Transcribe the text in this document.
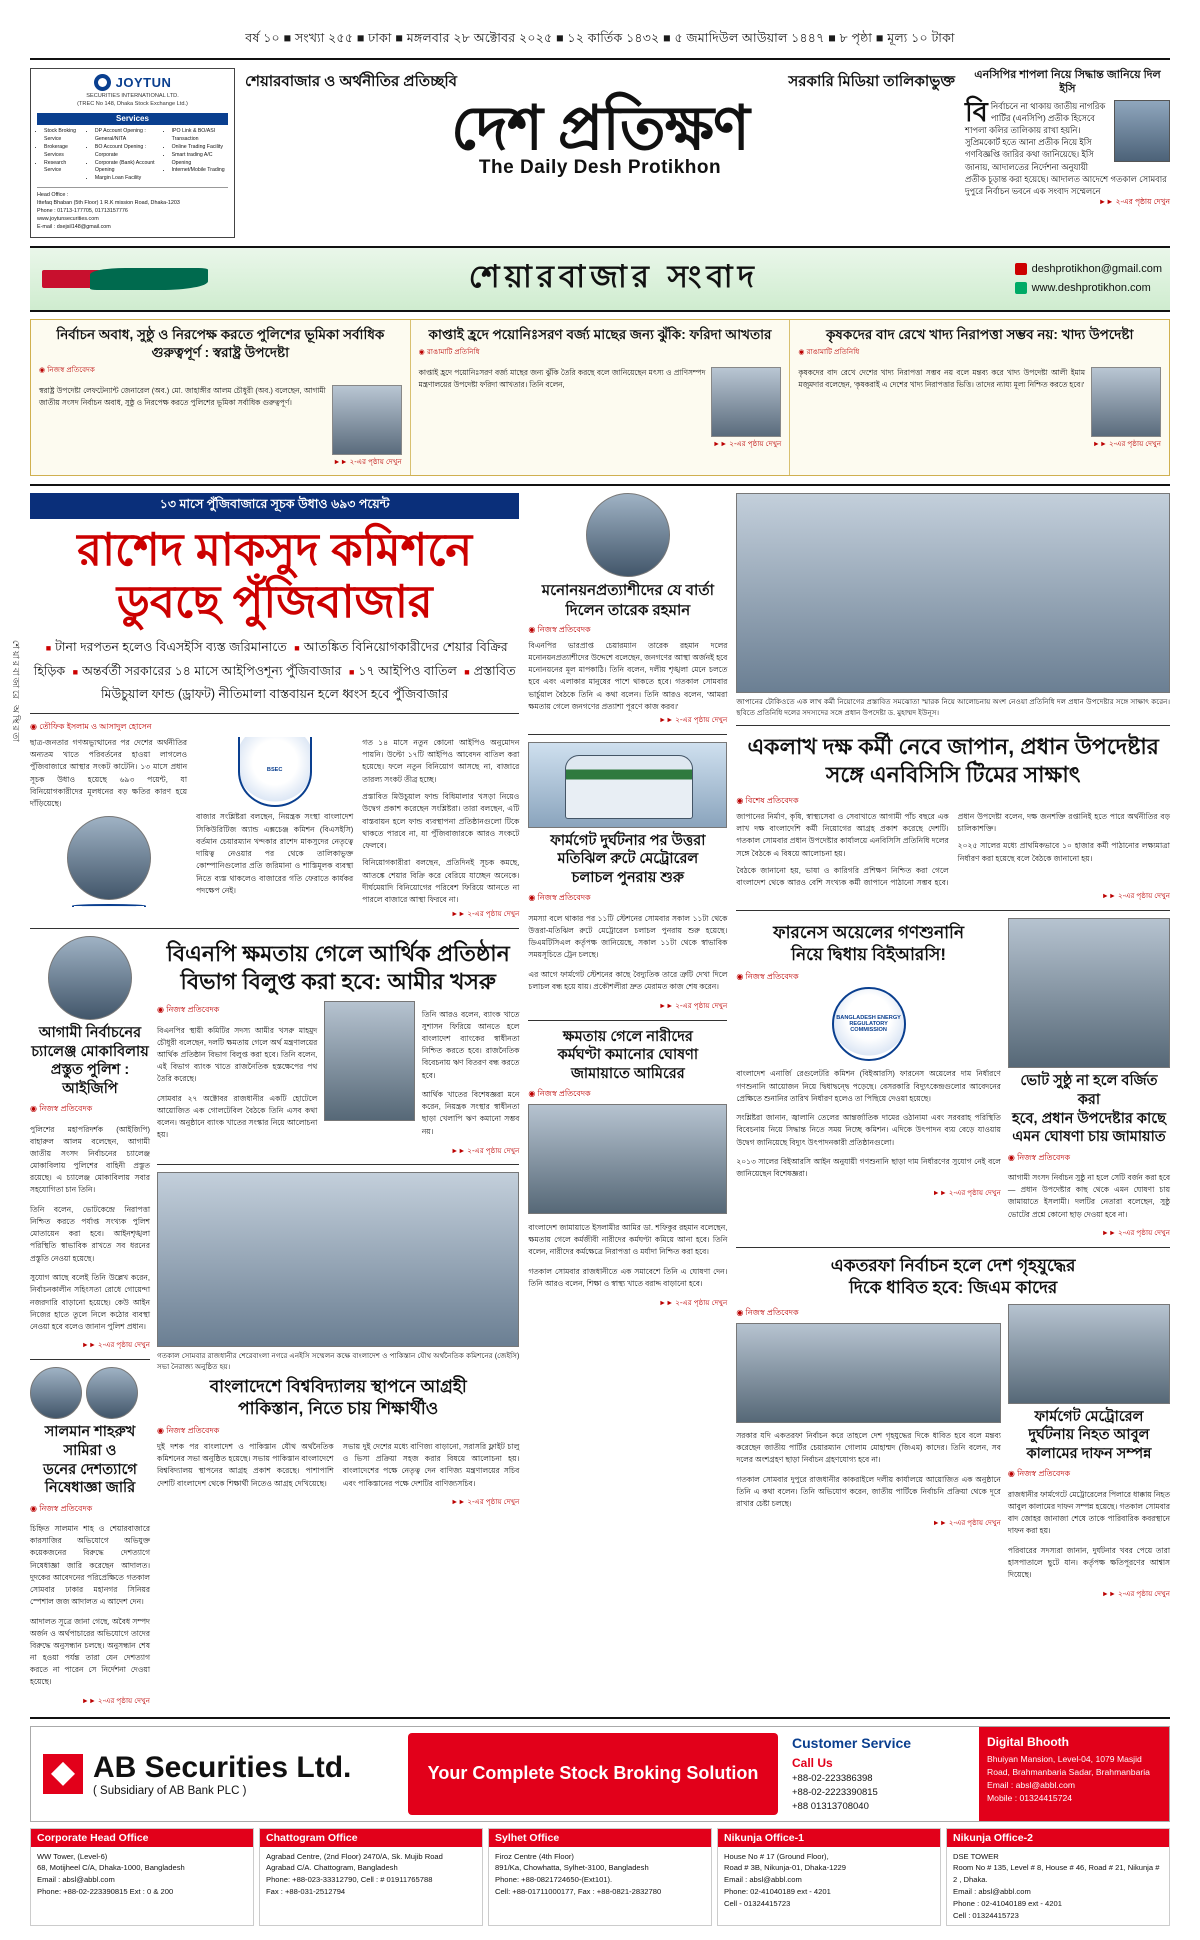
শেয়ারবাজারে অস্থিরতা
বর্ষ ১০ ■ সংখ্যা ২৫৫ ■ ঢাকা ■ মঙ্গলবার ২৮ অক্টোবর ২০২৫ ■ ১২ কার্তিক ১৪৩২ ■ ৫ জমাদিউল আউয়াল ১৪৪৭ ■ ৮ পৃষ্ঠা ■ মূল্য ১০ টাকা
JOYTUN
SECURITIES INTERNATIONAL LTD.
(TREC No 148, Dhaka Stock Exchange Ltd.)
Services
• Stock Broking Service
• Brokerage Services
• Research Service
• DP Account Opening : General/NITA
• BO Account Opening : Corporate
• Corporate (Bank) Account Opening
• Margin Loan Facility
• IPO Link & BO/ASI Transaction
• Online Trading Facility
• Smart trading A/C Opening
• Internet/Mobile Trading
Head Office :
Ittefaq Bhaban (5th Floor) 1 R.K mission Road, Dhaka-1203
Phone : 01713-177705, 01713157776
www.joytunsecurities.com
E-mail : dsejsil148@gmail.com
শেয়ারবাজার ও অর্থনীতির প্রতিচ্ছবি	সরকারি মিডিয়া তালিকাভুক্ত
দেশ প্রতিক্ষণ
The Daily Desh Protikhon
এনসিপির শাপলা নিয়ে সিদ্ধান্ত জানিয়ে দিল ইসি
বি নির্বাচনে না থাকায় জাতীয় নাগরিক পার্টির (এনসিপি) প্রতীক হিসেবে শাপলা কলির তালিকায় রাখা হয়নি। সুপ্রিমকোর্ট হতে আনা প্রতীক নিয়ে ইসি গণবিজ্ঞপ্তি জারির কথা জানিয়েছে। ইসি জানায়, আদালতের নির্দেশনা অনুযায়ী প্রতীক চূড়ান্ত করা হয়েছে। আদালত আদেশে গতকাল সোমবার দুপুরে নির্বাচন ভবনে এক সংবাদ সম্মেলনে
►► ২-এর পৃষ্ঠায় দেখুন
শেয়ারবাজার সংবাদ	deshprotikhon@gmail.com
www.deshprotikhon.com
নির্বাচন অবাধ, সুষ্ঠু ও নিরপেক্ষ করতে পুলিশের ভূমিকা সর্বাধিক গুরুত্বপূর্ণ : স্বরাষ্ট্র উপদেষ্টা
◉ নিজস্ব প্রতিবেদক
স্বরাষ্ট্র উপদেষ্টা লেফটেন্যান্ট জেনারেল (অব.) মো. জাহাঙ্গীর আলম চৌধুরী (অব.) বলেছেন, আগামী জাতীয় সংসদ নির্বাচন অবাধ, সুষ্ঠু ও নিরপেক্ষ করতে পুলিশের ভূমিকা সর্বাধিক গুরুত্বপূর্ণ।
►► ২-এর পৃষ্ঠায় দেখুন
কাপ্তাই হ্রদে পয়োনিঃসরণ বর্জ্য মাছের জন্য ঝুঁকি: ফরিদা আখতার
◉ রাঙামাটি প্রতিনিধি
কাপ্তাই হ্রদে পয়োনিঃসরণ বর্জ্য মাছের জন্য ঝুঁকি তৈরি করছে বলে জানিয়েছেন মৎস্য ও প্রাণিসম্পদ মন্ত্রণালয়ের উপদেষ্টা ফরিদা আখতার। তিনি বলেন,
►► ২-এর পৃষ্ঠায় দেখুন
কৃষকদের বাদ রেখে খাদ্য নিরাপত্তা সম্ভব নয়: খাদ্য উপদেষ্টা
◉ রাঙামাটি প্রতিনিধি
কৃষকদের বাদ রেখে দেশের খাদ্য নিরাপত্তা সম্ভব নয় বলে মন্তব্য করে খাদ্য উপদেষ্টা আলী ইমাম মজুমদার বলেছেন, 'কৃষকরাই এ দেশের খাদ্য নিরাপত্তার ভিত্তি। তাদের ন্যায্য মূল্য নিশ্চিত করতে হবে।'
►► ২-এর পৃষ্ঠায় দেখুন
১৩ মাসে পুঁজিবাজারে সূচক উধাও ৬৯৩ পয়েন্ট
রাশেদ মাকসুদ কমিশনে
ডুবছে পুঁজিবাজার
■ টানা দরপতন হলেও বিএসইসি ব্যস্ত জরিমানাতে ■ আতঙ্কিত বিনিয়োগকারীদের শেয়ার বিক্রির হিড়িক ■ অন্তর্বর্তী সরকারের ১৪ মাসে আইপিওশূন্য পুঁজিবাজার ■ ১৭ আইপিও বাতিল ■ প্রস্তাবিত মিউচুয়াল ফান্ড (ড্রাফট) নীতিমালা বাস্তবায়ন হলে ধ্বংস হবে পুঁজিবাজার
◉ তৌফিক ইসলাম ও আসাদুল হোসেন

ছাত্র-জনতার গণঅভ্যুত্থানের পর দেশের অর্থনীতির অন্যতম খাতে পরিবর্তনের হাওয়া লাগলেও পুঁজিবাজারে আস্থার সংকট কাটেনি। ১৩ মাসে প্রধান সূচক উধাও হয়েছে ৬৯৩ পয়েন্ট, যা বিনিয়োগকারীদের মূলধনের বড় ক্ষতির কারণ হয়ে দাঁড়িয়েছে।

BSEC

বাজার সংশ্লিষ্টরা বলছেন, নিয়ন্ত্রক সংস্থা বাংলাদেশ সিকিউরিটিজ অ্যান্ড এক্সচেঞ্জ কমিশন (বিএসইসি) বর্তমান চেয়ারম্যান খন্দকার রাশেদ মাকসুদের নেতৃত্বে দায়িত্ব নেওয়ার পর থেকে তালিকাভুক্ত কোম্পানিগুলোর প্রতি জরিমানা ও শাস্তিমূলক ব্যবস্থা নিতে ব্যস্ত থাকলেও বাজারের গতি ফেরাতে কার্যকর পদক্ষেপ নেই।

গত ১৪ মাসে নতুন কোনো আইপিও অনুমোদন পায়নি। উল্টো ১৭টি আইপিও আবেদন বাতিল করা হয়েছে। ফলে নতুন বিনিয়োগ আসছে না, বাজারে তারল্য সংকট তীব্র হচ্ছে।

প্রস্তাবিত মিউচুয়াল ফান্ড বিধিমালার খসড়া নিয়েও উদ্বেগ প্রকাশ করেছেন সংশ্লিষ্টরা। তারা বলছেন, এটি বাস্তবায়ন হলে ফান্ড ব্যবস্থাপনা প্রতিষ্ঠানগুলো টিকে থাকতে পারবে না, যা পুঁজিবাজারকে আরও সংকটে ফেলবে।

বিনিয়োগকারীরা বলছেন, প্রতিদিনই সূচক কমছে, আতঙ্কে শেয়ার বিক্রি করে বেরিয়ে যাচ্ছেন অনেকে। দীর্ঘমেয়াদি বিনিয়োগের পরিবেশ ফিরিয়ে আনতে না পারলে বাজারে আস্থা ফিরবে না।

►► ২-এর পৃষ্ঠায় দেখুন
আগামী নির্বাচনের
চ্যালেঞ্জ মোকাবিলায়
প্রস্তুত পুলিশ : আইজিপি
◉ নিজস্ব প্রতিবেদক

পুলিশের মহাপরিদর্শক (আইজিপি) বাহারুল আলম বলেছেন, আগামী জাতীয় সংসদ নির্বাচনের চ্যালেঞ্জ মোকাবিলায় পুলিশের বাহিনী প্রস্তুত রয়েছে। এ চ্যালেঞ্জ মোকাবিলায় সবার সহযোগিতা চান তিনি।

তিনি বলেন, ভোটকেন্দ্রে নিরাপত্তা নিশ্চিত করতে পর্যাপ্ত সংখ্যক পুলিশ মোতায়েন করা হবে। আইনশৃঙ্খলা পরিস্থিতি স্বাভাবিক রাখতে সব ধরনের প্রস্তুতি নেওয়া হয়েছে।

সুযোগ আছে বলেই তিনি উল্লেখ করেন, নির্বাচনকালীন সহিংসতা রোধে গোয়েন্দা নজরদারি বাড়ানো হয়েছে। কেউ আইন নিজের হাতে তুলে নিলে কঠোর ব্যবস্থা নেওয়া হবে বলেও জানান পুলিশ প্রধান।

►► ২-এর পৃষ্ঠায় দেখুন
সালমান শাহরুখ সামিরা ও
ডনের দেশত্যাগে
নিষেধাজ্ঞা জারি
◉ নিজস্ব প্রতিবেদক

চিহ্নিত সালমান শাহ ও শেয়ারবাজারে কারসাজির অভিযোগে অভিযুক্ত কয়েকজনের বিরুদ্ধে দেশত্যাগে নিষেধাজ্ঞা জারি করেছেন আদালত। দুদকের আবেদনের পরিপ্রেক্ষিতে গতকাল সোমবার ঢাকার মহানগর সিনিয়র স্পেশাল জজ আদালত এ আদেশ দেন।

আদালত সূত্রে জানা গেছে, অবৈধ সম্পদ অর্জন ও অর্থপাচারের অভিযোগে তাদের বিরুদ্ধে অনুসন্ধান চলছে। অনুসন্ধান শেষ না হওয়া পর্যন্ত তারা যেন দেশত্যাগ করতে না পারেন সে নির্দেশনা দেওয়া হয়েছে।

►► ২-এর পৃষ্ঠায় দেখুন
বিএনপি ক্ষমতায় গেলে আর্থিক প্রতিষ্ঠান বিভাগ বিলুপ্ত করা হবে: আমীর খসরু
◉ নিজস্ব প্রতিবেদক

বিএনপির স্থায়ী কমিটির সদস্য আমীর খসরু মাহমুদ চৌধুরী বলেছেন, দলটি ক্ষমতায় গেলে অর্থ মন্ত্রণালয়ের আর্থিক প্রতিষ্ঠান বিভাগ বিলুপ্ত করা হবে। তিনি বলেন, এই বিভাগ ব্যাংক খাতে রাজনৈতিক হস্তক্ষেপের পথ তৈরি করেছে।

সোমবার ২৭ অক্টোবর রাজধানীর একটি হোটেলে আয়োজিত এক গোলটেবিল বৈঠকে তিনি এসব কথা বলেন। অনুষ্ঠানে ব্যাংক খাতের সংস্কার নিয়ে আলোচনা হয়।

তিনি আরও বলেন, ব্যাংক খাতে সুশাসন ফিরিয়ে আনতে হলে বাংলাদেশ ব্যাংকের স্বাধীনতা নিশ্চিত করতে হবে। রাজনৈতিক বিবেচনায় ঋণ বিতরণ বন্ধ করতে হবে।

আর্থিক খাতের বিশেষজ্ঞরা মনে করেন, নিয়ন্ত্রক সংস্থার স্বাধীনতা ছাড়া খেলাপি ঋণ কমানো সম্ভব নয়।

►► ২-এর পৃষ্ঠায় দেখুন
গতকাল সোমবার রাজধানীর শেরেবাংলা নগরে এনইসি সম্মেলন কক্ষে বাংলাদেশ ও পাকিস্তান যৌথ অর্থনৈতিক কমিশনের (জেইসি) সভা নৈরাজ্য অনুষ্ঠিত হয়।
বাংলাদেশে বিশ্ববিদ্যালয় স্থাপনে আগ্রহী
পাকিস্তান, নিতে চায় শিক্ষার্থীও
◉ নিজস্ব প্রতিবেদক

দুই দশক পর বাংলাদেশ ও পাকিস্তান যৌথ অর্থনৈতিক কমিশনের সভা অনুষ্ঠিত হয়েছে। সভায় পাকিস্তান বাংলাদেশে বিশ্ববিদ্যালয় স্থাপনের আগ্রহ প্রকাশ করেছে। পাশাপাশি দেশটি বাংলাদেশ থেকে শিক্ষার্থী নিতেও আগ্রহ দেখিয়েছে।

সভায় দুই দেশের মধ্যে বাণিজ্য বাড়ানো, সরাসরি ফ্লাইট চালু ও ভিসা প্রক্রিয়া সহজ করার বিষয়ে আলোচনা হয়। বাংলাদেশের পক্ষে নেতৃত্ব দেন বাণিজ্য মন্ত্রণালয়ের সচিব এবং পাকিস্তানের পক্ষে দেশটির বাণিজ্যসচিব।

►► ২-এর পৃষ্ঠায় দেখুন
মনোনয়নপ্রত্যাশীদের যে বার্তা দিলেন তারেক রহমান
◉ নিজস্ব প্রতিবেদক
বিএনপির ভারপ্রাপ্ত চেয়ারম্যান তারেক রহমান দলের মনোনয়নপ্রত্যাশীদের উদ্দেশে বলেছেন, জনগণের আস্থা অর্জনই হবে মনোনয়নের মূল মাপকাঠি। তিনি বলেন, দলীয় শৃঙ্খলা মেনে চলতে হবে এবং এলাকার মানুষের পাশে থাকতে হবে। গতকাল সোমবার ভার্চুয়াল বৈঠকে তিনি এ কথা বলেন। তিনি আরও বলেন, 'আমরা ক্ষমতায় গেলে জনগণের প্রত্যাশা পূরণে কাজ করব।'
►► ২-এর পৃষ্ঠায় দেখুন
ফার্মগেট দুর্ঘটনার পর উত্তরা
মতিঝিল রুটে মেট্রোরেল
চলাচল পুনরায় শুরু
◉ নিজস্ব প্রতিবেদক

সমস্যা বলে থাকার পর ১১টি স্টেশনের সোমবার সকাল ১১টা থেকে উত্তরা-মতিঝিল রুটে মেট্রোরেল চলাচল পুনরায় শুরু হয়েছে। ডিএমটিসিএল কর্তৃপক্ষ জানিয়েছে, সকাল ১১টা থেকে স্বাভাবিক সময়সূচিতে ট্রেন চলছে।

এর আগে ফার্মগেট স্টেশনের কাছে বৈদ্যুতিক তারে ত্রুটি দেখা দিলে চলাচল বন্ধ হয়ে যায়। প্রকৌশলীরা দ্রুত মেরামত কাজ শেষ করেন।

►► ২-এর পৃষ্ঠায় দেখুন
ক্ষমতায় গেলে নারীদের
কর্মঘণ্টা কমানোর ঘোষণা
জামায়াতে আমিরের
◉ নিজস্ব প্রতিবেদক

বাংলাদেশ জামায়াতে ইসলামীর আমির ডা. শফিকুর রহমান বলেছেন, ক্ষমতায় গেলে কর্মজীবী নারীদের কর্মঘণ্টা কমিয়ে আনা হবে। তিনি বলেন, নারীদের কর্মক্ষেত্রে নিরাপত্তা ও মর্যাদা নিশ্চিত করা হবে।

গতকাল সোমবার রাজধানীতে এক সমাবেশে তিনি এ ঘোষণা দেন। তিনি আরও বলেন, শিক্ষা ও স্বাস্থ্য খাতে বরাদ্দ বাড়ানো হবে।

►► ২-এর পৃষ্ঠায় দেখুন
জাপানের টোকিওতে এক লাখ কর্মী নিয়োগের প্রস্তাবিত সমঝোতা স্মারক নিয়ে আলোচনায় অংশ নেওয়া প্রতিনিধি দল প্রধান উপদেষ্টার সঙ্গে সাক্ষাৎ করেন। ছবিতে প্রতিনিধি দলের সদস্যদের সঙ্গে প্রধান উপদেষ্টা ড. মুহাম্মদ ইউনূস।
একলাখ দক্ষ কর্মী নেবে জাপান, প্রধান উপদেষ্টার
সঙ্গে এনবিসিসি টিমের সাক্ষাৎ
◉ বিশেষ প্রতিবেদক

জাপানের নির্মাণ, কৃষি, স্বাস্থ্যসেবা ও সেবাখাতে আগামী পাঁচ বছরে এক লাখ দক্ষ বাংলাদেশি কর্মী নিয়োগের আগ্রহ প্রকাশ করেছে দেশটি। গতকাল সোমবার প্রধান উপদেষ্টার কার্যালয়ে এনবিসিসি প্রতিনিধি দলের সঙ্গে বৈঠকে এ বিষয়ে আলোচনা হয়।

বৈঠকে জানানো হয়, ভাষা ও কারিগরি প্রশিক্ষণ নিশ্চিত করা গেলে বাংলাদেশ থেকে আরও বেশি সংখ্যক কর্মী জাপানে পাঠানো সম্ভব হবে। প্রধান উপদেষ্টা বলেন, দক্ষ জনশক্তি রপ্তানিই হতে পারে অর্থনীতির বড় চালিকাশক্তি।

২০২৫ সালের মধ্যে প্রাথমিকভাবে ১০ হাজার কর্মী পাঠানোর লক্ষ্যমাত্রা নির্ধারণ করা হয়েছে বলে বৈঠকে জানানো হয়।

►► ২-এর পৃষ্ঠায় দেখুন
ফারনেস অয়েলের গণশুনানি
নিয়ে দ্বিধায় বিইআরসি!
◉ নিজস্ব প্রতিবেদক
BANGLADESH ENERGY REGULATORY COMMISSION

বাংলাদেশ এনার্জি রেগুলেটরি কমিশন (বিইআরসি) ফারনেস অয়েলের দাম নির্ধারণে গণশুনানি আয়োজন নিয়ে দ্বিধাদ্বন্দ্বে পড়েছে। বেসরকারি বিদ্যুৎকেন্দ্রগুলোর আবেদনের প্রেক্ষিতে শুনানির তারিখ নির্ধারণ হলেও তা পিছিয়ে দেওয়া হয়েছে।

সংশ্লিষ্টরা জানান, জ্বালানি তেলের আন্তর্জাতিক দামের ওঠানামা এবং সরবরাহ পরিস্থিতি বিবেচনায় নিয়ে সিদ্ধান্ত নিতে সময় নিচ্ছে কমিশন। এদিকে উৎপাদন ব্যয় বেড়ে যাওয়ায় উদ্বেগ জানিয়েছে বিদ্যুৎ উৎপাদনকারী প্রতিষ্ঠানগুলো।

২০১৩ সালের বিইআরসি আইন অনুযায়ী গণশুনানি ছাড়া দাম নির্ধারণের সুযোগ নেই বলে জানিয়েছেন বিশেষজ্ঞরা।

►► ২-এর পৃষ্ঠায় দেখুন
ভোট সুষ্ঠু না হলে বর্জিত করা
হবে, প্রধান উপদেষ্টার কাছে
এমন ঘোষণা চায় জামায়াত
◉ নিজস্ব প্রতিবেদক

আগামী সংসদ নির্বাচন সুষ্ঠু না হলে সেটি বর্জন করা হবে— প্রধান উপদেষ্টার কাছ থেকে এমন ঘোষণা চায় জামায়াতে ইসলামী। দলটির নেতারা বলেছেন, সুষ্ঠু ভোটের প্রশ্নে কোনো ছাড় দেওয়া হবে না।

►► ২-এর পৃষ্ঠায় দেখুন
একতরফা নির্বাচন হলে দেশ গৃহযুদ্ধের
দিকে ধাবিত হবে: জিএম কাদের
◉ নিজস্ব প্রতিবেদক

সরকার যদি একতরফা নির্বাচন করে তাহলে দেশ গৃহযুদ্ধের দিকে ধাবিত হবে বলে মন্তব্য করেছেন জাতীয় পার্টির চেয়ারম্যান গোলাম মোহাম্মদ (জিএম) কাদের। তিনি বলেন, সব দলের অংশগ্রহণ ছাড়া নির্বাচন গ্রহণযোগ্য হবে না।

গতকাল সোমবার দুপুরে রাজধানীর কাকরাইলে দলীয় কার্যালয়ে আয়োজিত এক অনুষ্ঠানে তিনি এ কথা বলেন। তিনি অভিযোগ করেন, জাতীয় পার্টিকে নির্বাচনি প্রক্রিয়া থেকে দূরে রাখার চেষ্টা চলছে।

►► ২-এর পৃষ্ঠায় দেখুন
ফার্মগেট মেট্রোরেল
দুর্ঘটনায় নিহত আবুল
কালামের দাফন সম্পন্ন
◉ নিজস্ব প্রতিবেদক

রাজধানীর ফার্মগেটে মেট্রোরেলের পিলারে ধাক্কায় নিহত আবুল কালামের দাফন সম্পন্ন হয়েছে। গতকাল সোমবার বাদ জোহর জানাজা শেষে তাকে পারিবারিক কবরস্থানে দাফন করা হয়।

পরিবারের সদস্যরা জানান, দুর্ঘটনার খবর পেয়ে তারা হাসপাতালে ছুটে যান। কর্তৃপক্ষ ক্ষতিপূরণের আশ্বাস দিয়েছে।

►► ২-এর পৃষ্ঠায় দেখুন
AB Securities Ltd.
( Subsidiary of AB Bank PLC )
Your Complete Stock Broking Solution
Customer Service
Call Us
+88-02-223386398
+88-02-2223390815
+88 01313708040
Digital Bhooth
Bhuiyan Mansion, Level-04, 1079 Masjid Road, Brahmanbaria Sadar, Brahmanbaria
Email : absl@abbl.com
Mobile : 01324415724
Corporate Head Office
WW Tower, (Level-6)
68, Motijheel C/A, Dhaka-1000, Bangladesh
Email : absl@abbl.com
Phone: +88-02-223390815 Ext : 0 & 200
Chattogram Office
Agrabad Centre, (2nd Floor) 2470/A, Sk. Mujib Road
Agrabad C/A. Chattogram, Bangladesh
Phone: +88-023-33312790, Cell : # 01911765788
Fax : +88-031-2512794
Sylhet Office
Firoz Centre (4th Floor)
891/Ka, Chowhatta, Sylhet-3100, Bangladesh
Phone: +88-0821724650-(Ext101).
Cell: +88-01711000177, Fax : +88-0821-2832780
Nikunja Office-1
House No # 17 (Ground Floor),
Road # 3B, Nikunja-01, Dhaka-1229
Email : absl@abbl.com
Phone: 02-41040189 ext - 4201
Cell - 01324415723
Nikunja Office-2
DSE TOWER
Room No # 135, Level # 8, House # 46, Road # 21, Nikunja # 2 , Dhaka.
Email : absl@abbl.com
Phone : 02-41040189 ext - 4201
Cell : 01324415723
